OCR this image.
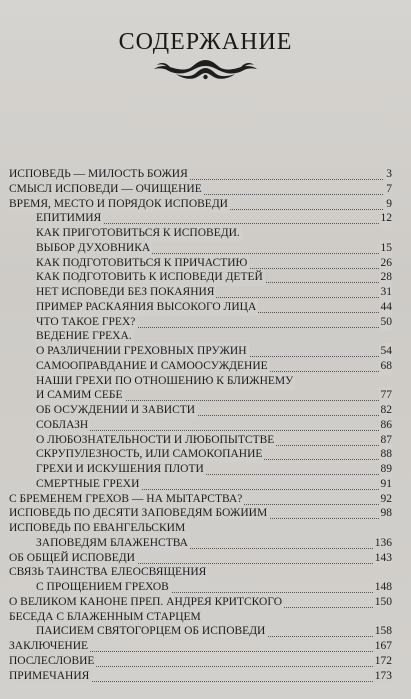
СОДЕРЖАНИЕ
ИСПОВЕДЬ — МИЛОСТЬ БОЖИЯ	3
СМЫСЛ ИСПОВЕДИ — ОЧИЩЕНИЕ	7
ВРЕМЯ, МЕСТО И ПОРЯДОК ИСПОВЕДИ	9
ЕПИТИМИЯ	12
КАК ПРИГОТОВИТЬСЯ К ИСПОВЕДИ.
ВЫБОР ДУХОВНИКА	15
КАК ПОДГОТОВИТЬСЯ К ПРИЧАСТИЮ	26
КАК ПОДГОТОВИТЬ К ИСПОВЕДИ ДЕТЕЙ	28
НЕТ ИСПОВЕДИ БЕЗ ПОКАЯНИЯ	31
ПРИМЕР РАСКАЯНИЯ ВЫСОКОГО ЛИЦА	44
ЧТО ТАКОЕ ГРЕХ?	50
ВЕДЕНИЕ ГРЕХА.
О РАЗЛИЧЕНИИ ГРЕХОВНЫХ ПРУЖИН	54
САМООПРАВДАНИЕ И САМООСУЖДЕНИЕ	68
НАШИ ГРЕХИ ПО ОТНОШЕНИЮ К БЛИЖНЕМУ
И САМИМ СЕБЕ	77
ОБ ОСУЖДЕНИИ И ЗАВИСТИ	82
СОБЛАЗН	86
О ЛЮБОЗНАТЕЛЬНОСТИ И ЛЮБОПЫТСТВЕ	87
СКРУПУЛЕЗНОСТЬ, ИЛИ САМОКОПАНИЕ	88
ГРЕХИ И ИСКУШЕНИЯ ПЛОТИ	89
СМЕРТНЫЕ ГРЕХИ	91
С БРЕМЕНЕМ ГРЕХОВ — НА МЫТАРСТВА?	92
ИСПОВЕДЬ ПО ДЕСЯТИ ЗАПОВЕДЯМ БОЖИИМ	98
ИСПОВЕДЬ ПО ЕВАНГЕЛЬСКИМ
ЗАПОВЕДЯМ БЛАЖЕНСТВА	136
ОБ ОБЩЕЙ ИСПОВЕДИ	143
СВЯЗЬ ТАИНСТВА ЕЛЕОСВЯЩЕНИЯ
С ПРОЩЕНИЕМ ГРЕХОВ	148
О ВЕЛИКОМ КАНОНЕ ПРЕП. АНДРЕЯ КРИТСКОГО	150
БЕСЕДА С БЛАЖЕННЫМ СТАРЦЕМ
ПАИСИЕМ СВЯТОГОРЦЕМ ОБ ИСПОВЕДИ	158
ЗАКЛЮЧЕНИЕ	167
ПОСЛЕСЛОВИЕ	172
ПРИМЕЧАНИЯ	173
